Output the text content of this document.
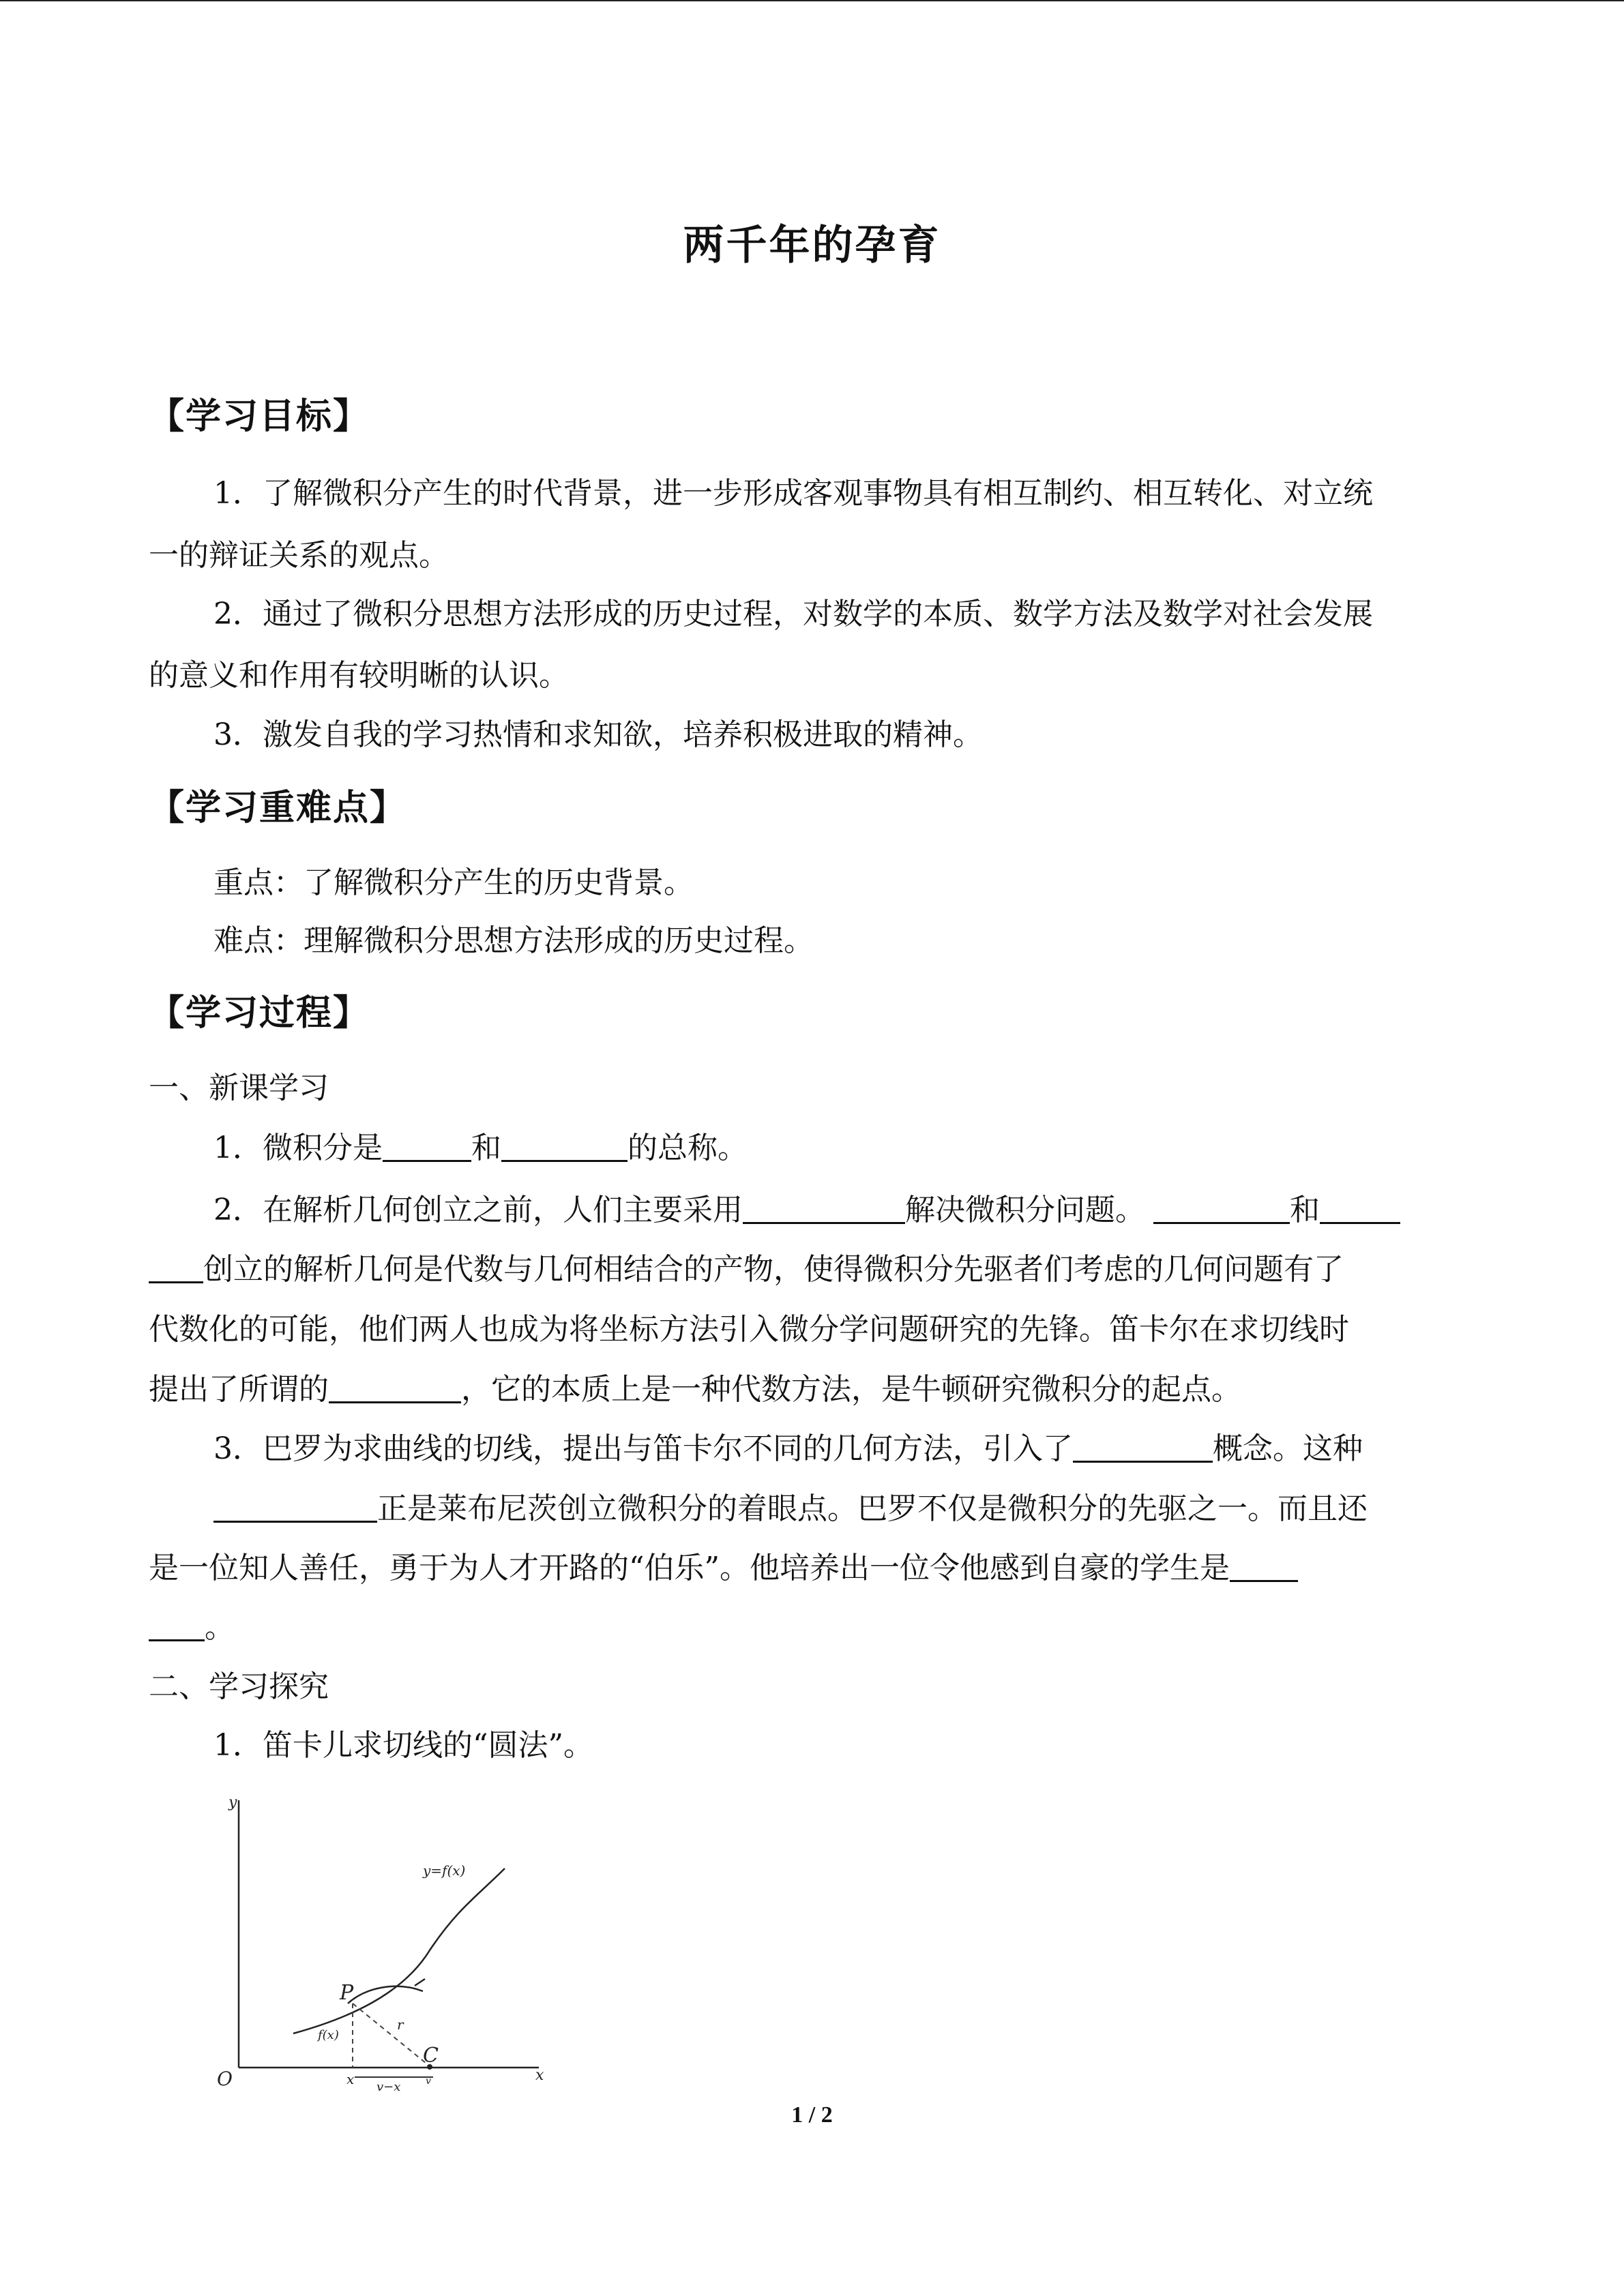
两千年的孕育
【学习目标】
1．了解微积分产生的时代背景，进一步形成客观事物具有相互制约、相互转化、对立统
一的辩证关系的观点。
2．通过了微积分思想方法形成的历史过程，对数学的本质、数学方法及数学对社会发展
的意义和作用有较明晰的认识。
3．激发自我的学习热情和求知欲，培养积极进取的精神。
【学习重难点】
重点：了解微积分产生的历史背景。
难点：理解微积分思想方法形成的历史过程。
【学习过程】
一、新课学习
1．微积分是	和	的总称。
2．在解析几何创立之前，人们主要采用	解决微积分问题。	和
创立的解析几何是代数与几何相结合的产物，使得微积分先驱者们考虑的几何问题有了
代数化的可能，他们两人也成为将坐标方法引入微分学问题研究的先锋。笛卡尔在求切线时
提出了所谓的	，它的本质上是一种代数方法，是牛顿研究微积分的起点。
3．巴罗为求曲线的切线，提出与笛卡尔不同的几何方法，引入了	概念。这种
正是莱布尼茨创立微积分的着眼点。巴罗不仅是微积分的先驱之一。而且还
是一位知人善任，勇于为人才开路的“伯乐”。他培养出一位令他感到自豪的学生是
。
二、学习探究
1．笛卡儿求切线的“圆法”。
y
x
O
y=f(x)
P
C
r
f(x)
x	v
v−x
1 / 2
